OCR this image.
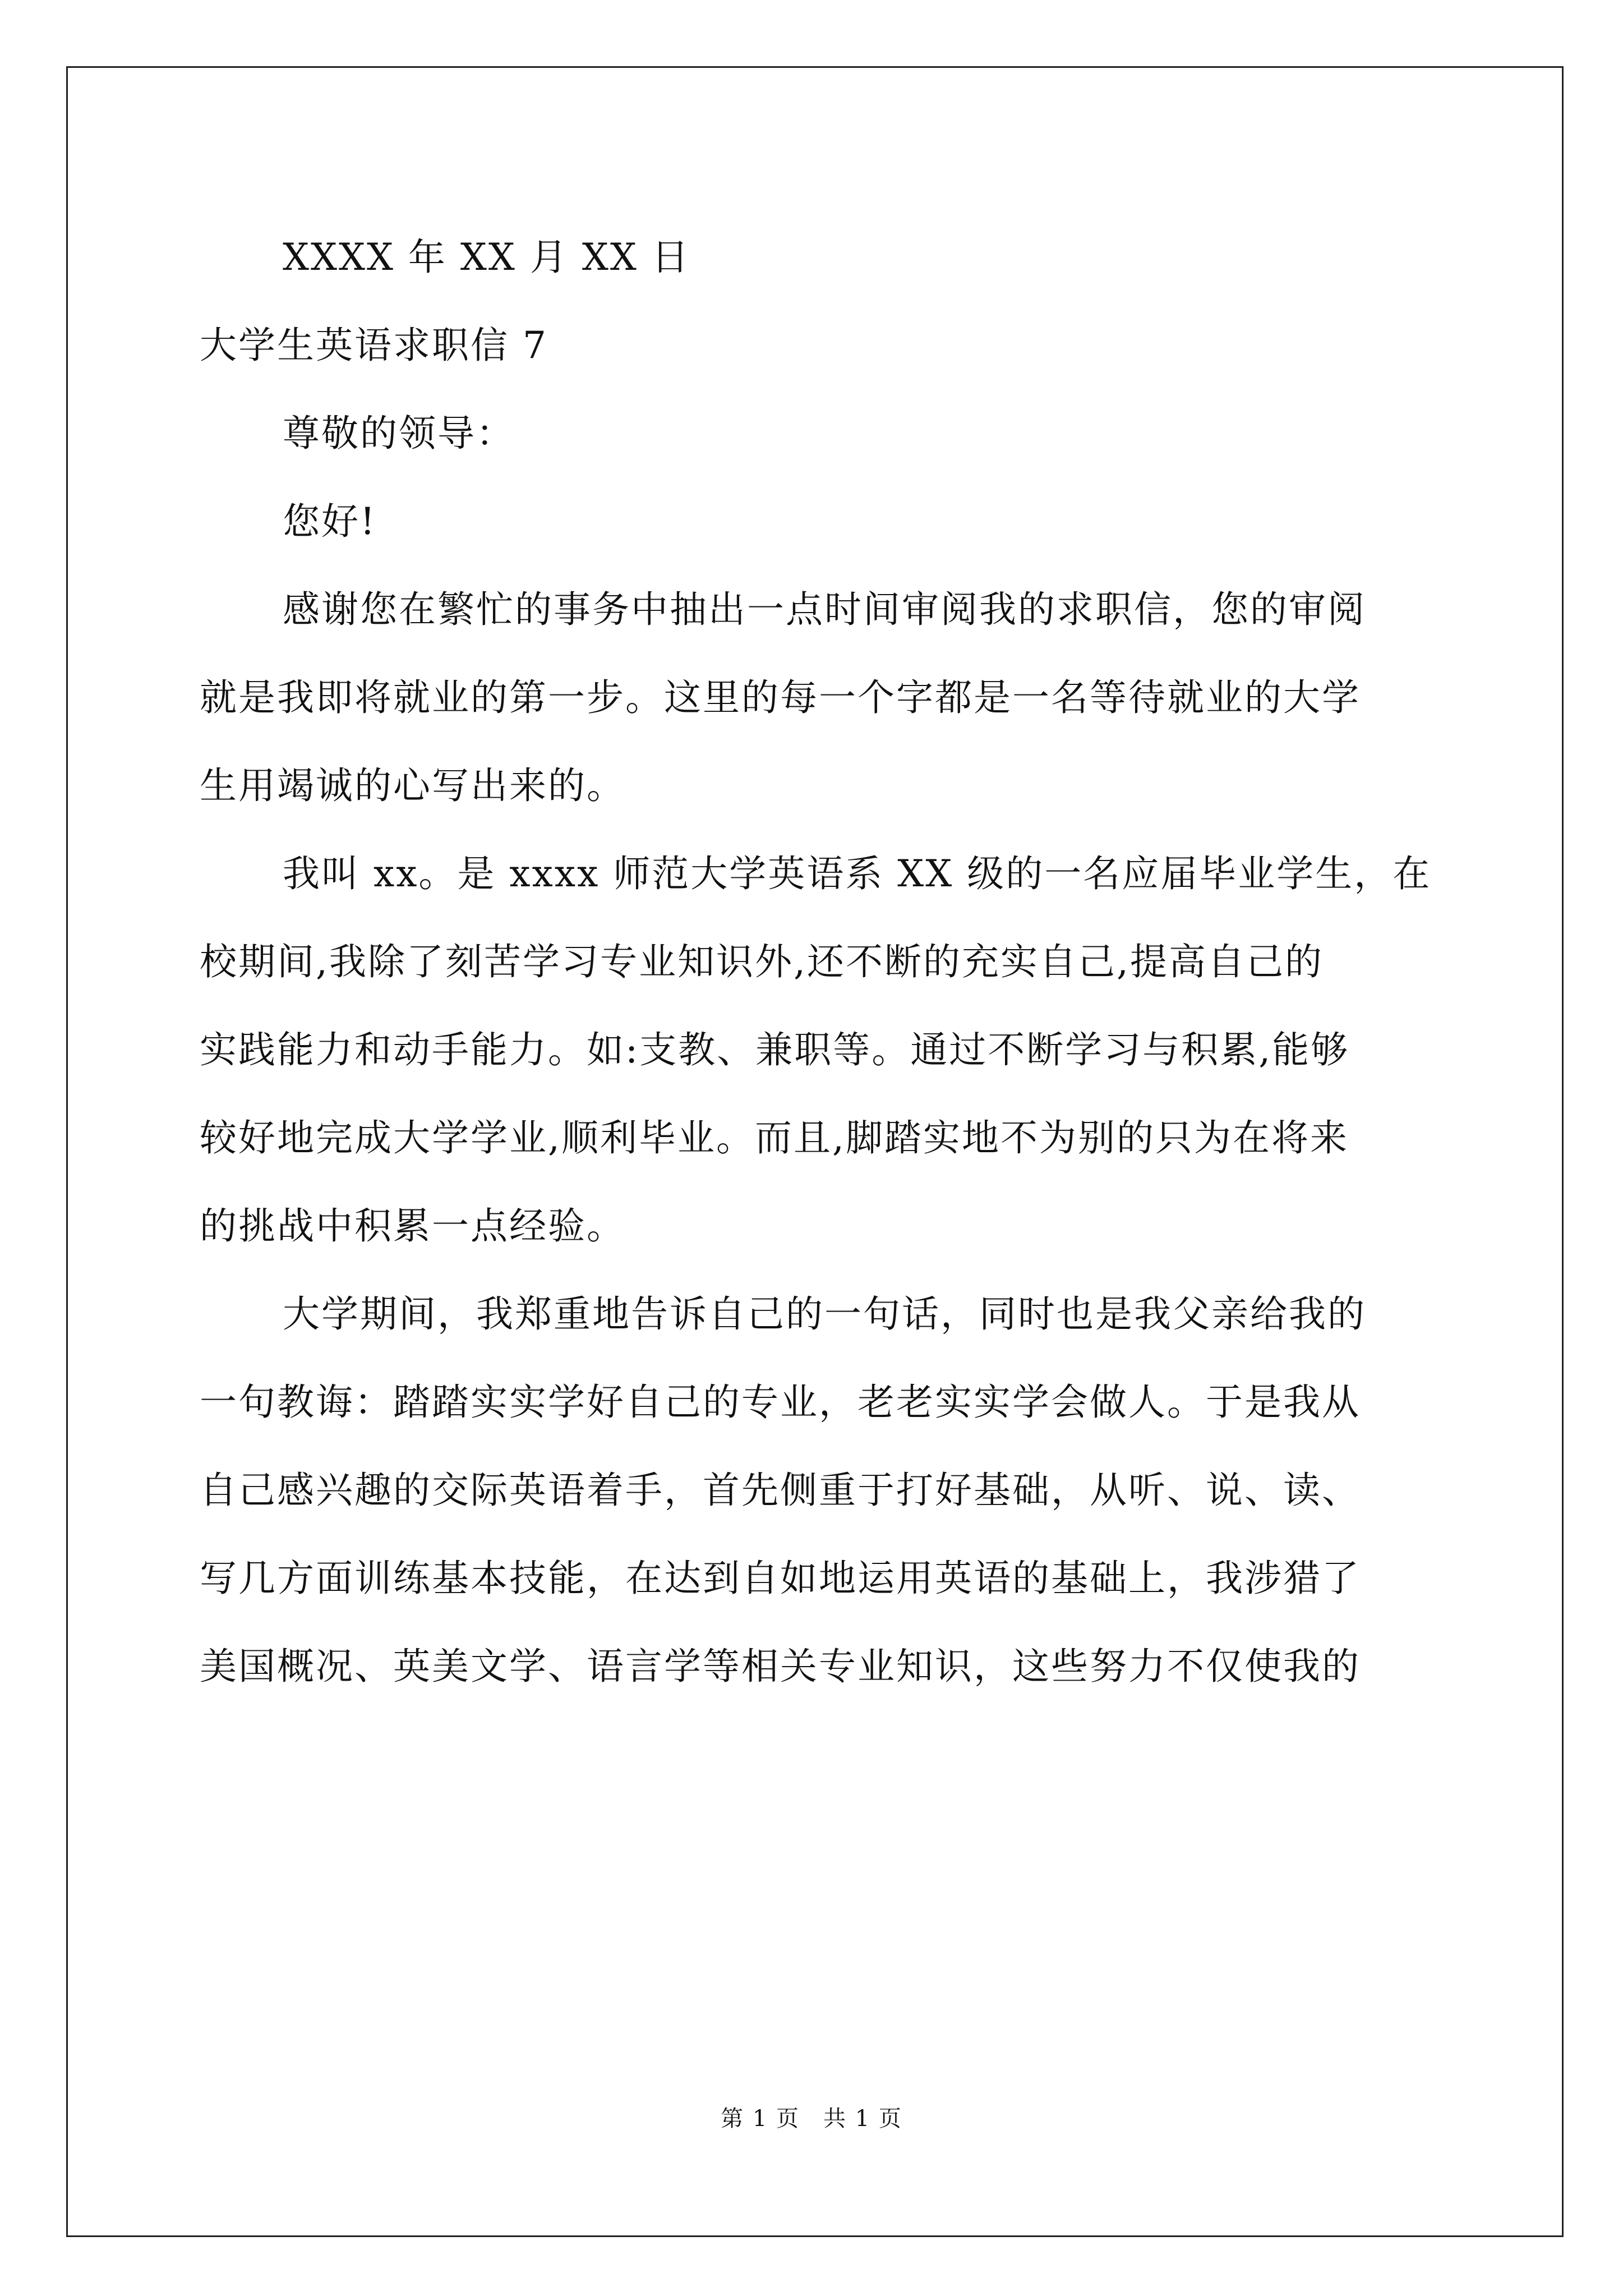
XXXX 年 XX 月 XX 日

大学生英语求职信 7

尊敬的领导：

您好!

感谢您在繁忙的事务中抽出一点时间审阅我的求职信，您的审阅
就是我即将就业的第一步。这里的每一个字都是一名等待就业的大学
生用竭诚的心写出来的。

我叫 xx。是 xxxx 师范大学英语系 XX 级的一名应届毕业学生，在
校期间,我除了刻苦学习专业知识外,还不断的充实自己,提高自己的
实践能力和动手能力。如:支教、兼职等。通过不断学习与积累,能够
较好地完成大学学业,顺利毕业。而且,脚踏实地不为别的只为在将来
的挑战中积累一点经验。

大学期间，我郑重地告诉自己的一句话，同时也是我父亲给我的
一句教诲：踏踏实实学好自己的专业，老老实实学会做人。于是我从
自己感兴趣的交际英语着手，首先侧重于打好基础，从听、说、读、
写几方面训练基本技能，在达到自如地运用英语的基础上，我涉猎了
美国概况、英美文学、语言学等相关专业知识，这些努力不仅使我的

第 1 页　共 1 页
